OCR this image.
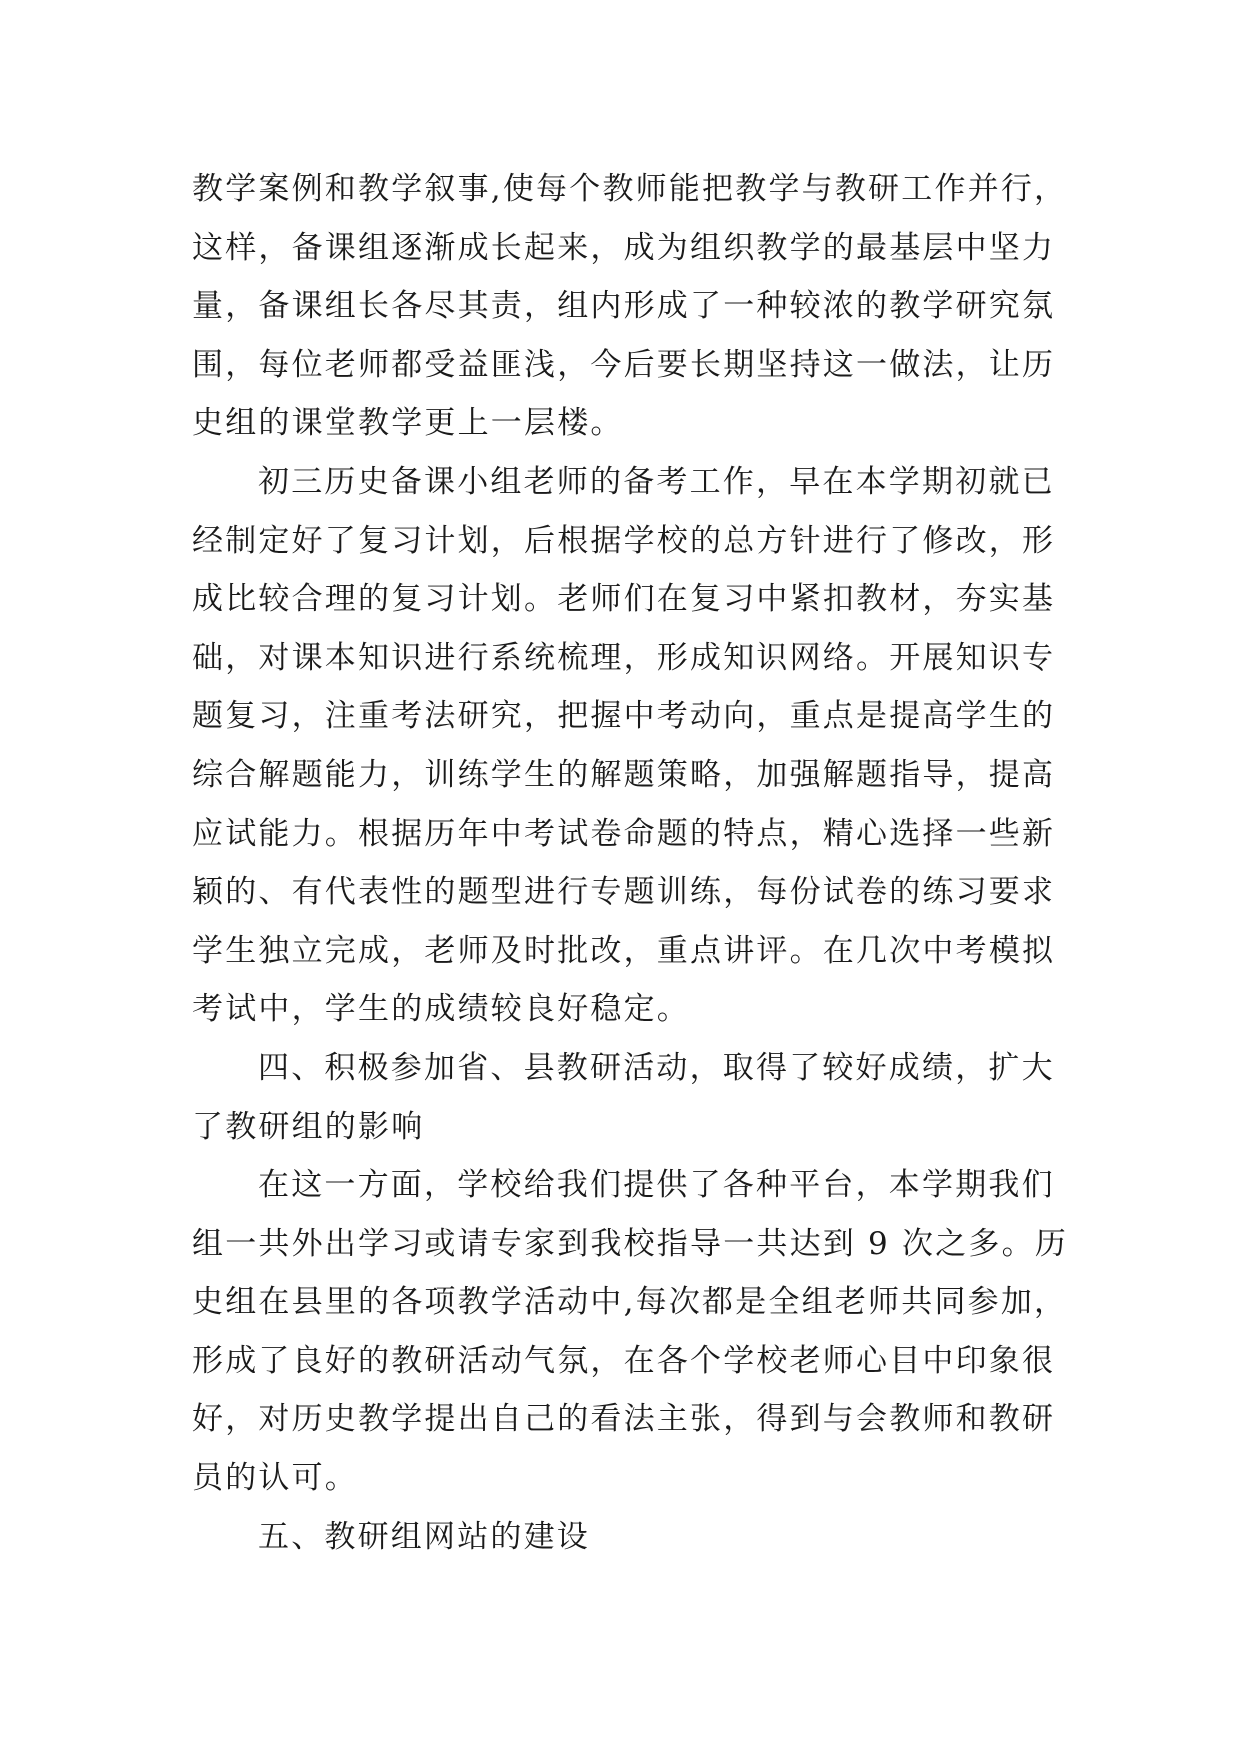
教学案例和教学叙事,使每个教师能把教学与教研工作并行，
这样，备课组逐渐成长起来，成为组织教学的最基层中坚力
量，备课组长各尽其责，组内形成了一种较浓的教学研究氛
围，每位老师都受益匪浅，今后要长期坚持这一做法，让历
史组的课堂教学更上一层楼。
初三历史备课小组老师的备考工作，早在本学期初就已
经制定好了复习计划，后根据学校的总方针进行了修改，形
成比较合理的复习计划。老师们在复习中紧扣教材，夯实基
础，对课本知识进行系统梳理，形成知识网络。开展知识专
题复习，注重考法研究，把握中考动向，重点是提高学生的
综合解题能力，训练学生的解题策略，加强解题指导，提高
应试能力。根据历年中考试卷命题的特点，精心选择一些新
颖的、有代表性的题型进行专题训练，每份试卷的练习要求
学生独立完成，老师及时批改，重点讲评。在几次中考模拟
考试中，学生的成绩较良好稳定。
四、积极参加省、县教研活动，取得了较好成绩，扩大
了教研组的影响
在这一方面，学校给我们提供了各种平台，本学期我们
组一共外出学习或请专家到我校指导一共达到 9 次之多。历
史组在县里的各项教学活动中,每次都是全组老师共同参加，
形成了良好的教研活动气氛，在各个学校老师心目中印象很
好，对历史教学提出自己的看法主张，得到与会教师和教研
员的认可。
五、教研组网站的建设
